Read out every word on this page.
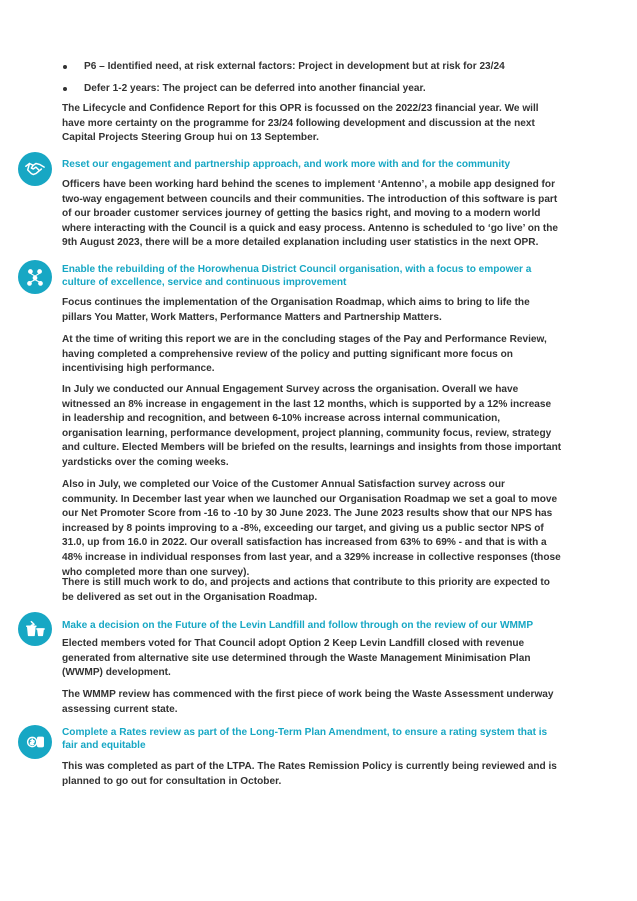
P6 – Identified need, at risk external factors: Project in development but at risk for 23/24
Defer 1-2 years: The project can be deferred into another financial year.

The Lifecycle and Confidence Report for this OPR is focussed on the 2022/23 financial year. We will have more certainty on the programme for 23/24 following development and discussion at the next Capital Projects Steering Group hui on 13 September.

Reset our engagement and partnership approach, and work more with and for the community

Officers have been working hard behind the scenes to implement ‘Antenno’, a mobile app designed for two-way engagement between councils and their communities. The introduction of this software is part of our broader customer services journey of getting the basics right, and moving to a modern world where interacting with the Council is a quick and easy process. Antenno is scheduled to ‘go live’ on the 9th August 2023, there will be a more detailed explanation including user statistics in the next OPR.

Enable the rebuilding of the Horowhenua District Council organisation, with a focus to empower a culture of excellence, service and continuous improvement

Focus continues the implementation of the Organisation Roadmap, which aims to bring to life the pillars You Matter, Work Matters, Performance Matters and Partnership Matters.

At the time of writing this report we are in the concluding stages of the Pay and Performance Review, having completed a comprehensive review of the policy and putting significant more focus on incentivising high performance.

In July we conducted our Annual Engagement Survey across the organisation. Overall we have witnessed an 8% increase in engagement in the last 12 months, which is supported by a 12% increase in leadership and recognition, and between 6-10% increase across internal communication, organisation learning, performance development, project planning, community focus, review, strategy and culture. Elected Members will be briefed on the results, learnings and insights from those important yardsticks over the coming weeks.

Also in July, we completed our Voice of the Customer Annual Satisfaction survey across our community. In December last year when we launched our Organisation Roadmap we set a goal to move our Net Promoter Score from -16 to -10 by 30 June 2023. The June 2023 results show that our NPS has increased by 8 points improving to a -8%, exceeding our target, and giving us a public sector NPS of 31.0, up from 16.0 in 2022. Our overall satisfaction has increased from 63% to 69% - and that is with a 48% increase in individual responses from last year, and a 329% increase in collective responses (those who completed more than one survey).

There is still much work to do, and projects and actions that contribute to this priority are expected to be delivered as set out in the Organisation Roadmap.

Make a decision on the Future of the Levin Landfill and follow through on the review of our WMMP

Elected members voted for That Council adopt Option 2 Keep Levin Landfill closed with revenue generated from alternative site use determined through the Waste Management Minimisation Plan (WWMP) development.

The WMMP review has commenced with the first piece of work being the Waste Assessment underway assessing current state.

Complete a Rates review as part of the Long-Term Plan Amendment, to ensure a rating system that is fair and equitable

This was completed as part of the LTPA. The Rates Remission Policy is currently being reviewed and is planned to go out for consultation in October.
